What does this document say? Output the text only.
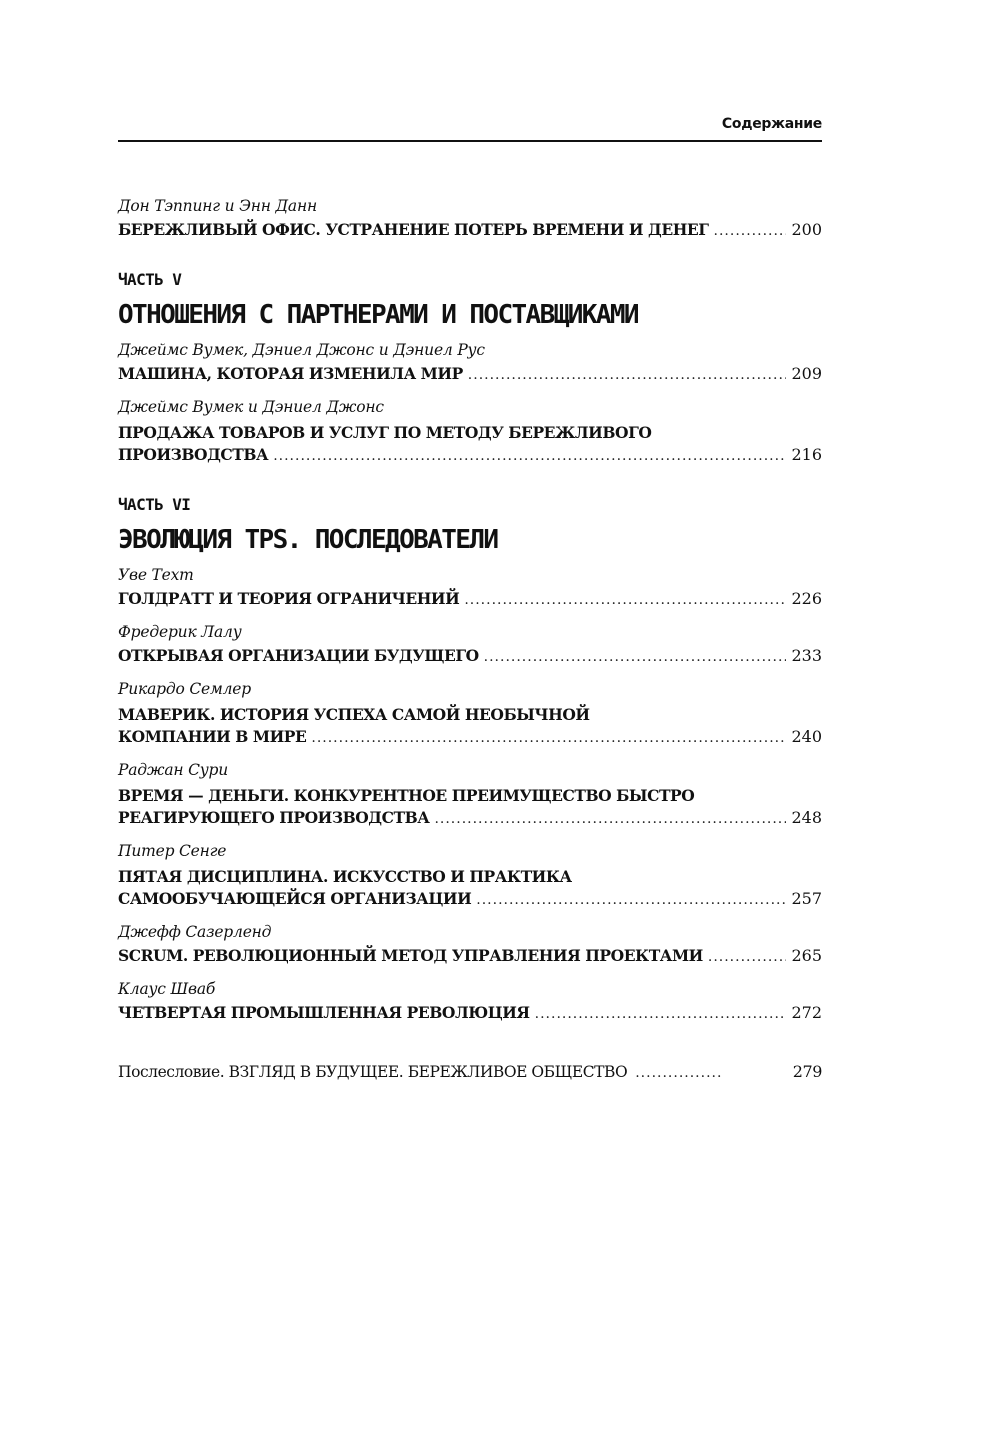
Содержание
Дон Тэппинг и Энн Данн
БЕРЕЖЛИВЫЙ ОФИС. УСТРАНЕНИЕ ПОТЕРЬ ВРЕМЕНИ И ДЕНЕГ .....	200
ЧАСТЬ V
ОТНОШЕНИЯ С ПАРТНЕРАМИ И ПОСТАВЩИКАМИ
Джеймс Вумек, Дэниел Джонс и Дэниел Рус
МАШИНА, КОТОРАЯ ИЗМЕНИЛА МИР .....	209
Джеймс Вумек и Дэниел Джонс
ПРОДАЖА ТОВАРОВ И УСЛУГ ПО МЕТОДУ БЕРЕЖЛИВОГО
ПРОИЗВОДСТВА .....	216
ЧАСТЬ VI
ЭВОЛЮЦИЯ TPS. ПОСЛЕДОВАТЕЛИ
Уве Техт
ГОЛДРАТТ И ТЕОРИЯ ОГРАНИЧЕНИЙ .....	226
Фредерик Лалу
ОТКРЫВАЯ ОРГАНИЗАЦИИ БУДУЩЕГО .....	233
Рикардо Семлер
МАВЕРИК. ИСТОРИЯ УСПЕХА САМОЙ НЕОБЫЧНОЙ
КОМПАНИИ В МИРЕ .....	240
Раджан Сури
ВРЕМЯ — ДЕНЬГИ. КОНКУРЕНТНОЕ ПРЕИМУЩЕСТВО БЫСТРО
РЕАГИРУЮЩЕГО ПРОИЗВОДСТВА .....	248
Питер Сенге
ПЯТАЯ ДИСЦИПЛИНА. ИСКУССТВО И ПРАКТИКА
САМООБУЧАЮЩЕЙСЯ ОРГАНИЗАЦИИ .....	257
Джефф Сазерленд
SCRUM. РЕВОЛЮЦИОННЫЙ МЕТОД УПРАВЛЕНИЯ ПРОЕКТАМИ .....	265
Клаус Шваб
ЧЕТВЕРТАЯ ПРОМЫШЛЕННАЯ РЕВОЛЮЦИЯ .....	272
Послесловие. ВЗГЛЯД В БУДУЩЕЕ. БЕРЕЖЛИВОЕ ОБЩЕСТВО .....	279
